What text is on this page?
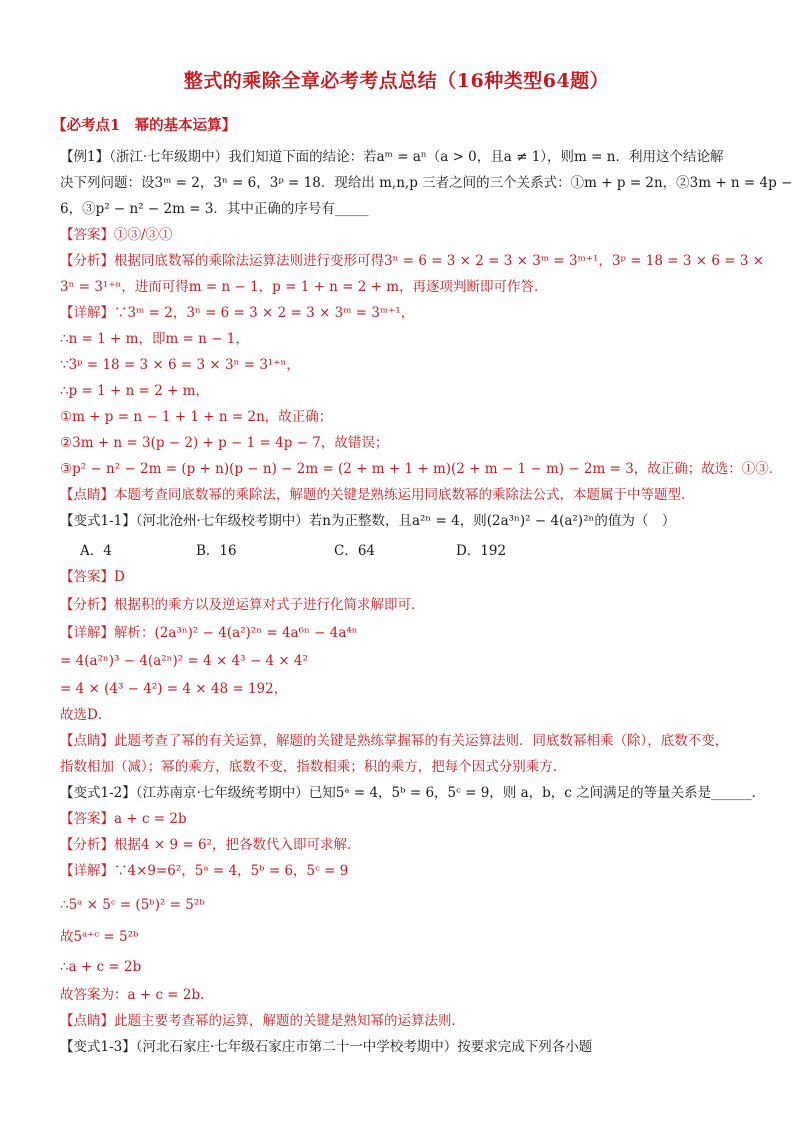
整式的乘除全章必考考点总结（16种类型64题）
【必考点1　幂的基本运算】
【例1】（浙江·七年级期中）我们知道下面的结论：若aᵐ = aⁿ（a > 0，且a ≠ 1），则m = n．利用这个结论解
决下列问题：设3ᵐ = 2，3ⁿ = 6，3ᵖ = 18．现给出 m,n,p 三者之间的三个关系式：①m + p = 2n，②3m + n = 4p −
6，③p² − n² − 2m = 3．其中正确的序号有_____
【答案】①③/③①
【分析】根据同底数幂的乘除法运算法则进行变形可得3ⁿ = 6 = 3 × 2 = 3 × 3ᵐ = 3ᵐ⁺¹，3ᵖ = 18 = 3 × 6 = 3 ×
3ⁿ = 3¹⁺ⁿ，进而可得m = n − 1，p = 1 + n = 2 + m，再逐项判断即可作答．
【详解】∵3ᵐ = 2，3ⁿ = 6 = 3 × 2 = 3 × 3ᵐ = 3ᵐ⁺¹，
∴n = 1 + m，即m = n − 1，
∵3ᵖ = 18 = 3 × 6 = 3 × 3ⁿ = 3¹⁺ⁿ，
∴p = 1 + n = 2 + m，
①m + p = n − 1 + 1 + n = 2n，故正确；
②3m + n = 3(p − 2) + p − 1 = 4p − 7，故错误；
③p² − n² − 2m = (p + n)(p − n) − 2m = (2 + m + 1 + m)(2 + m − 1 − m) − 2m = 3，故正确；故选：①③．
【点睛】本题考查同底数幂的乘除法，解题的关键是熟练运用同底数幂的乘除法公式，本题属于中等题型．
【变式1-1】（河北沧州·七年级校考期中）若n为正整数，且a²ⁿ = 4，则(2a³ⁿ)² − 4(a²)²ⁿ的值为（　）
A．4	B．16	C．64	D．192
【答案】D
【分析】根据积的乘方以及逆运算对式子进行化简求解即可．
【详解】解析：(2a³ⁿ)² − 4(a²)²ⁿ = 4a⁶ⁿ − 4a⁴ⁿ
= 4(a²ⁿ)³ − 4(a²ⁿ)² = 4 × 4³ − 4 × 4²
= 4 × (4³ − 4²) = 4 × 48 = 192，
故选D．
【点睛】此题考查了幂的有关运算，解题的关键是熟练掌握幂的有关运算法则．同底数幂相乘（除），底数不变，
指数相加（减）；幂的乘方，底数不变，指数相乘；积的乘方，把每个因式分别乘方．
【变式1-2】（江苏南京·七年级统考期中）已知5ᵃ = 4，5ᵇ = 6，5ᶜ = 9，则 a，b，c 之间满足的等量关系是______．
【答案】a + c = 2b
【分析】根据4 × 9 = 6²，把各数代入即可求解．
【详解】∵4×9=6²，5ᵃ = 4，5ᵇ = 6，5ᶜ = 9
∴5ᵃ × 5ᶜ = (5ᵇ)² = 5²ᵇ
故5ᵃ⁺ᶜ = 5²ᵇ
∴a + c = 2b
故答案为：a + c = 2b．
【点睛】此题主要考查幂的运算，解题的关键是熟知幂的运算法则．
【变式1-3】（河北石家庄·七年级石家庄市第二十一中学校考期中）按要求完成下列各小题
